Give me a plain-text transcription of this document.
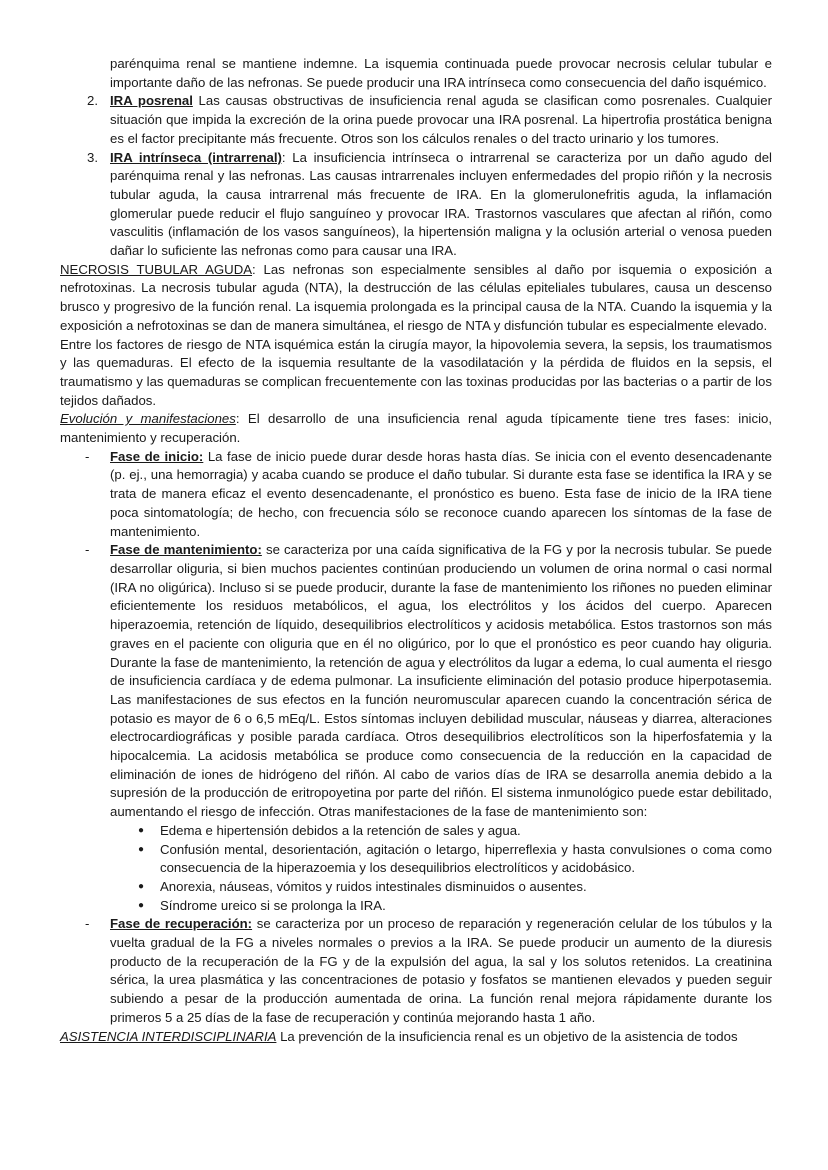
parénquima renal se mantiene indemne. La isquemia continuada puede provocar necrosis celular tubular e importante daño de las nefronas. Se puede producir una IRA intrínseca como consecuencia del daño isquémico.

2. IRA posrenal Las causas obstructivas de insuficiencia renal aguda se clasifican como posrenales. Cualquier situación que impida la excreción de la orina puede provocar una IRA posrenal. La hipertrofia prostática benigna es el factor precipitante más frecuente. Otros son los cálculos renales o del tracto urinario y los tumores.

3. IRA intrínseca (intrarrenal): La insuficiencia intrínseca o intrarrenal se caracteriza por un daño agudo del parénquima renal y las nefronas. Las causas intrarrenales incluyen enfermedades del propio riñón y la necrosis tubular aguda, la causa intrarrenal más frecuente de IRA. En la glomerulonefritis aguda, la inflamación glomerular puede reducir el flujo sanguíneo y provocar IRA. Trastornos vasculares que afectan al riñón, como vasculitis (inflamación de los vasos sanguíneos), la hipertensión maligna y la oclusión arterial o venosa pueden dañar lo suficiente las nefronas como para causar una IRA.

NECROSIS TUBULAR AGUDA: Las nefronas son especialmente sensibles al daño por isquemia o exposición a nefrotoxinas. La necrosis tubular aguda (NTA), la destrucción de las células epiteliales tubulares, causa un descenso brusco y progresivo de la función renal. La isquemia prolongada es la principal causa de la NTA. Cuando la isquemia y la exposición a nefrotoxinas se dan de manera simultánea, el riesgo de NTA y disfunción tubular es especialmente elevado.

Entre los factores de riesgo de NTA isquémica están la cirugía mayor, la hipovolemia severa, la sepsis, los traumatismos y las quemaduras. El efecto de la isquemia resultante de la vasodilatación y la pérdida de fluidos en la sepsis, el traumatismo y las quemaduras se complican frecuentemente con las toxinas producidas por las bacterias o a partir de los tejidos dañados.

Evolución y manifestaciones: El desarrollo de una insuficiencia renal aguda típicamente tiene tres fases: inicio, mantenimiento y recuperación.

- Fase de inicio: La fase de inicio puede durar desde horas hasta días. Se inicia con el evento desencadenante (p. ej., una hemorragia) y acaba cuando se produce el daño tubular. Si durante esta fase se identifica la IRA y se trata de manera eficaz el evento desencadenante, el pronóstico es bueno. Esta fase de inicio de la IRA tiene poca sintomatología; de hecho, con frecuencia sólo se reconoce cuando aparecen los síntomas de la fase de mantenimiento.

- Fase de mantenimiento: se caracteriza por una caída significativa de la FG y por la necrosis tubular. Se puede desarrollar oliguria, si bien muchos pacientes continúan produciendo un volumen de orina normal o casi normal (IRA no oligúrica). Incluso si se puede producir, durante la fase de mantenimiento los riñones no pueden eliminar eficientemente los residuos metabólicos, el agua, los electrólitos y los ácidos del cuerpo. Aparecen hiperazoemia, retención de líquido, desequilibrios electrolíticos y acidosis metabólica. Estos trastornos son más graves en el paciente con oliguria que en él no oligúrico, por lo que el pronóstico es peor cuando hay oliguria. Durante la fase de mantenimiento, la retención de agua y electrólitos da lugar a edema, lo cual aumenta el riesgo de insuficiencia cardíaca y de edema pulmonar. La insuficiente eliminación del potasio produce hiperpotasemia. Las manifestaciones de sus efectos en la función neuromuscular aparecen cuando la concentración sérica de potasio es mayor de 6 o 6,5 mEq/L. Estos síntomas incluyen debilidad muscular, náuseas y diarrea, alteraciones electrocardiográficas y posible parada cardíaca. Otros desequilibrios electrolíticos son la hiperfosfatemia y la hipocalcemia. La acidosis metabólica se produce como consecuencia de la reducción en la capacidad de eliminación de iones de hidrógeno del riñón. Al cabo de varios días de IRA se desarrolla anemia debido a la supresión de la producción de eritropoyetina por parte del riñón. El sistema inmunológico puede estar debilitado, aumentando el riesgo de infección. Otras manifestaciones de la fase de mantenimiento son:

● Edema e hipertensión debidos a la retención de sales y agua.

● Confusión mental, desorientación, agitación o letargo, hiperreflexia y hasta convulsiones o coma como consecuencia de la hiperazoemia y los desequilibrios electrolíticos y acidobásico.

● Anorexia, náuseas, vómitos y ruidos intestinales disminuidos o ausentes.

● Síndrome ureico si se prolonga la IRA.

- Fase de recuperación: se caracteriza por un proceso de reparación y regeneración celular de los túbulos y la vuelta gradual de la FG a niveles normales o previos a la IRA. Se puede producir un aumento de la diuresis producto de la recuperación de la FG y de la expulsión del agua, la sal y los solutos retenidos. La creatinina sérica, la urea plasmática y las concentraciones de potasio y fosfatos se mantienen elevados y pueden seguir subiendo a pesar de la producción aumentada de orina. La función renal mejora rápidamente durante los primeros 5 a 25 días de la fase de recuperación y continúa mejorando hasta 1 año.

ASISTENCIA INTERDISCIPLINARIA La prevención de la insuficiencia renal es un objetivo de la asistencia de todos
